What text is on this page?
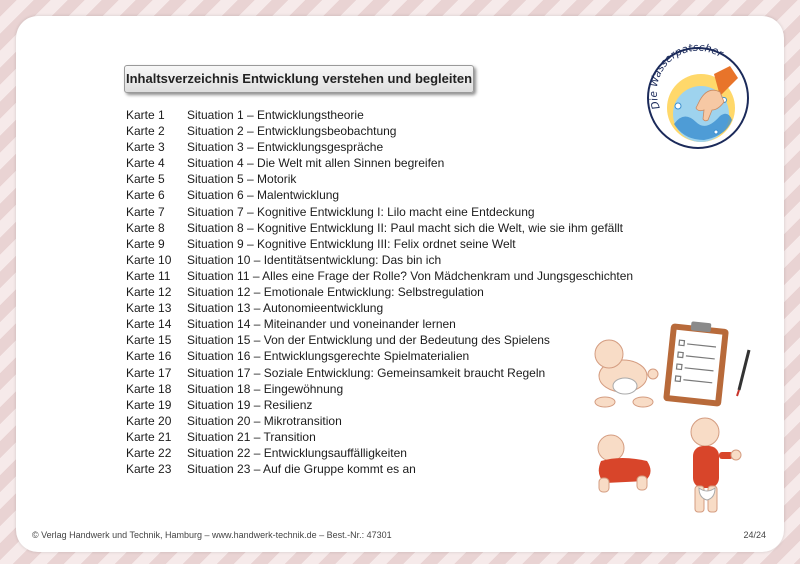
Inhaltsverzeichnis Entwicklung verstehen und begleiten
Die Wasserpatscher
Karte 1 Situation 1 – Entwicklungstheorie
Karte 2 Situation 2 – Entwicklungsbeobachtung
Karte 3 Situation 3 – Entwicklungsgespräche
Karte 4 Situation 4 – Die Welt mit allen Sinnen begreifen
Karte 5 Situation 5 – Motorik
Karte 6 Situation 6 – Malentwicklung
Karte 7 Situation 7 – Kognitive Entwicklung I: Lilo macht eine Entdeckung
Karte 8 Situation 8 – Kognitive Entwicklung II: Paul macht sich die Welt, wie sie ihm gefällt
Karte 9 Situation 9 – Kognitive Entwicklung III: Felix ordnet seine Welt
Karte 10 Situation 10 – Identitätsentwicklung: Das bin ich
Karte 11 Situation 11 – Alles eine Frage der Rolle? Von Mädchenkram und Jungsgeschichten
Karte 12 Situation 12 – Emotionale Entwicklung: Selbstregulation
Karte 13 Situation 13 – Autonomieentwicklung
Karte 14 Situation 14 – Miteinander und voneinander lernen
Karte 15 Situation 15 – Von der Entwicklung und der Bedeutung des Spielens
Karte 16 Situation 16 – Entwicklungsgerechte Spielmaterialien
Karte 17 Situation 17 – Soziale Entwicklung: Gemeinsamkeit braucht Regeln
Karte 18 Situation 18 – Eingewöhnung
Karte 19 Situation 19 – Resilienz
Karte 20 Situation 20 – Mikrotransition
Karte 21 Situation 21 – Transition
Karte 22 Situation 22 – Entwicklungsauffälligkeiten
Karte 23 Situation 23 – Auf die Gruppe kommt es an
© Verlag Handwerk und Technik, Hamburg – www.handwerk-technik.de – Best.-Nr.: 47301	24/24
